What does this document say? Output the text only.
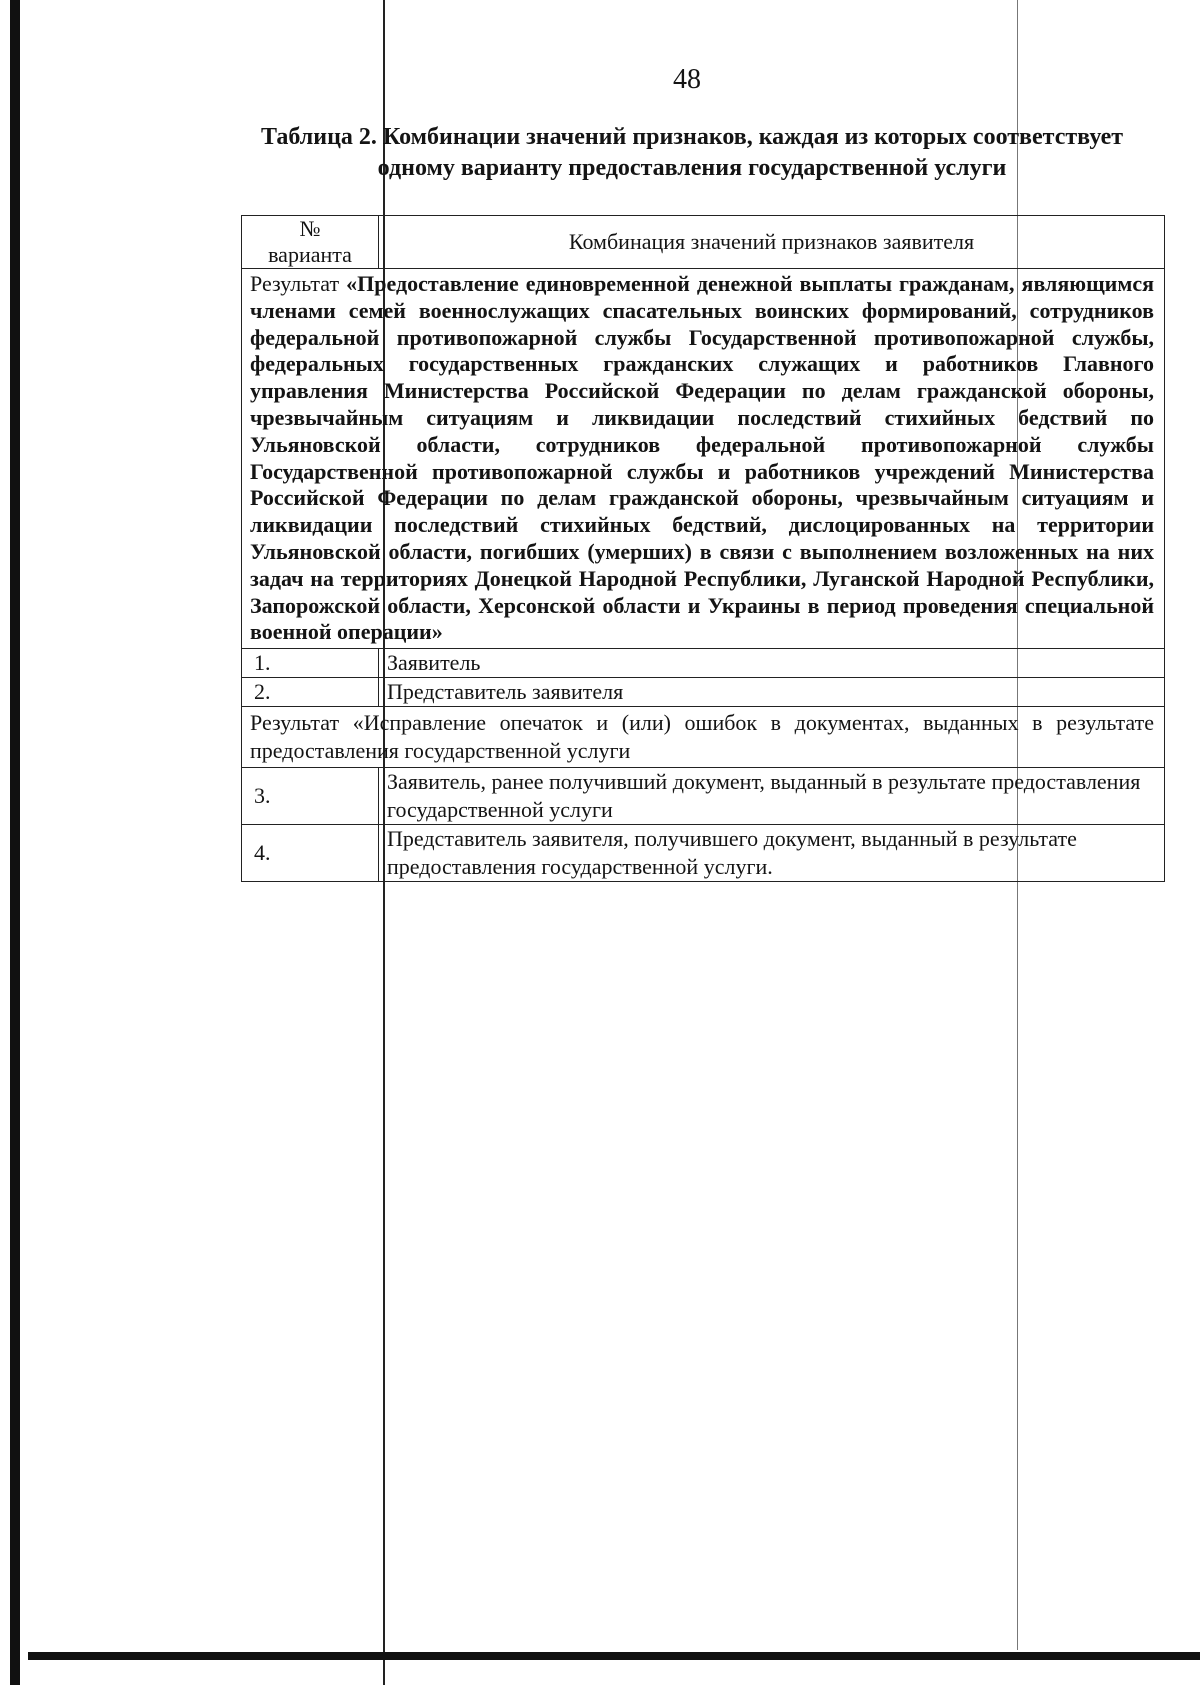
48
Таблица 2. Комбинации значений признаков, каждая из которых соответствует
одному варианту предоставления государственной услуги
№
варианта	Комбинация значений признаков заявителя
Результат «Предоставление единовременной денежной выплаты гражданам, являющимся членами семей военнослужащих спасательных воинских формирований, сотрудников федеральной противопожарной службы Государственной противопожарной службы, федеральных государственных гражданских служащих и работников Главного управления Министерства Российской Федерации по делам гражданской обороны, чрезвычайным ситуациям и ликвидации последствий стихийных бедствий по Ульяновской области, сотрудников федеральной противопожарной службы Государственной противопожарной службы и работников учреждений Министерства Российской Федерации по делам гражданской обороны, чрезвычайным ситуациям и ликвидации последствий стихийных бедствий, дислоцированных на территории Ульяновской области, погибших (умерших) в связи с выполнением возложенных на них задач на территориях Донецкой Народной Республики, Луганской Народной Республики, Запорожской области, Херсонской области и Украины в период проведения специальной военной операции»	
1.	Заявитель
2.	Представитель заявителя
Результат «Исправление опечаток и (или) ошибок в документах, выданных в результате предоставления государственной услуги	
3.	Заявитель, ранее получивший документ, выданный в результате предоставления государственной услуги
4.	Представитель заявителя, получившего документ, выданный в результате предоставления государственной услуги.
